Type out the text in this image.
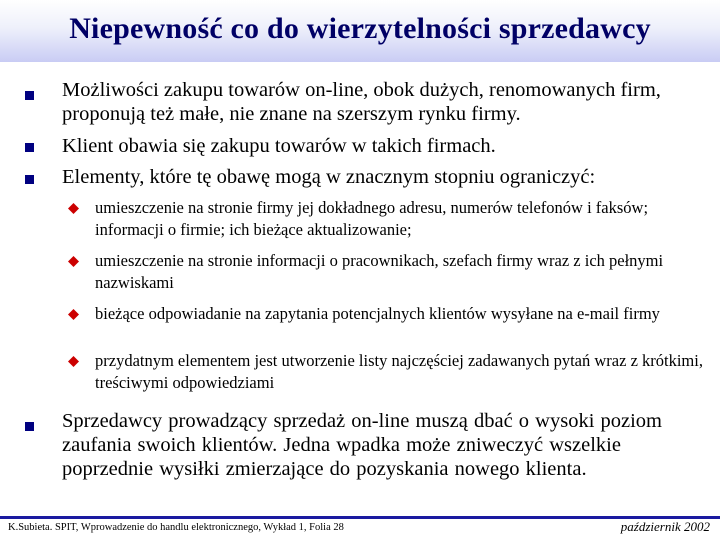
Niepewność co do wierzytelności sprzedawcy
Możliwości zakupu towarów on-line, obok dużych, renomowanych firm, proponują też małe, nie znane na szerszym rynku firmy.
Klient obawia się zakupu towarów w takich firmach.
Elementy, które tę obawę mogą w znacznym stopniu ograniczyć:
umieszczenie na stronie firmy jej dokładnego adresu, numerów telefonów i faksów; informacji o firmie; ich bieżące aktualizowanie;
umieszczenie na stronie informacji o pracownikach, szefach firmy wraz z ich pełnymi nazwiskami
bieżące odpowiadanie na zapytania potencjalnych klientów wysyłane na e-mail firmy
przydatnym elementem jest utworzenie listy najczęściej zadawanych pytań wraz z krótkimi, treściwymi odpowiedziami
Sprzedawcy prowadzący sprzedaż on-line muszą dbać o wysoki poziom zaufania swoich klientów. Jedna wpadka może zniweczyć wszelkie poprzednie wysiłki zmierzające do pozyskania nowego klienta.
K.Subieta. SPIT, Wprowadzenie do handlu elektronicznego, Wykład 1, Folia 28	październik 2002
